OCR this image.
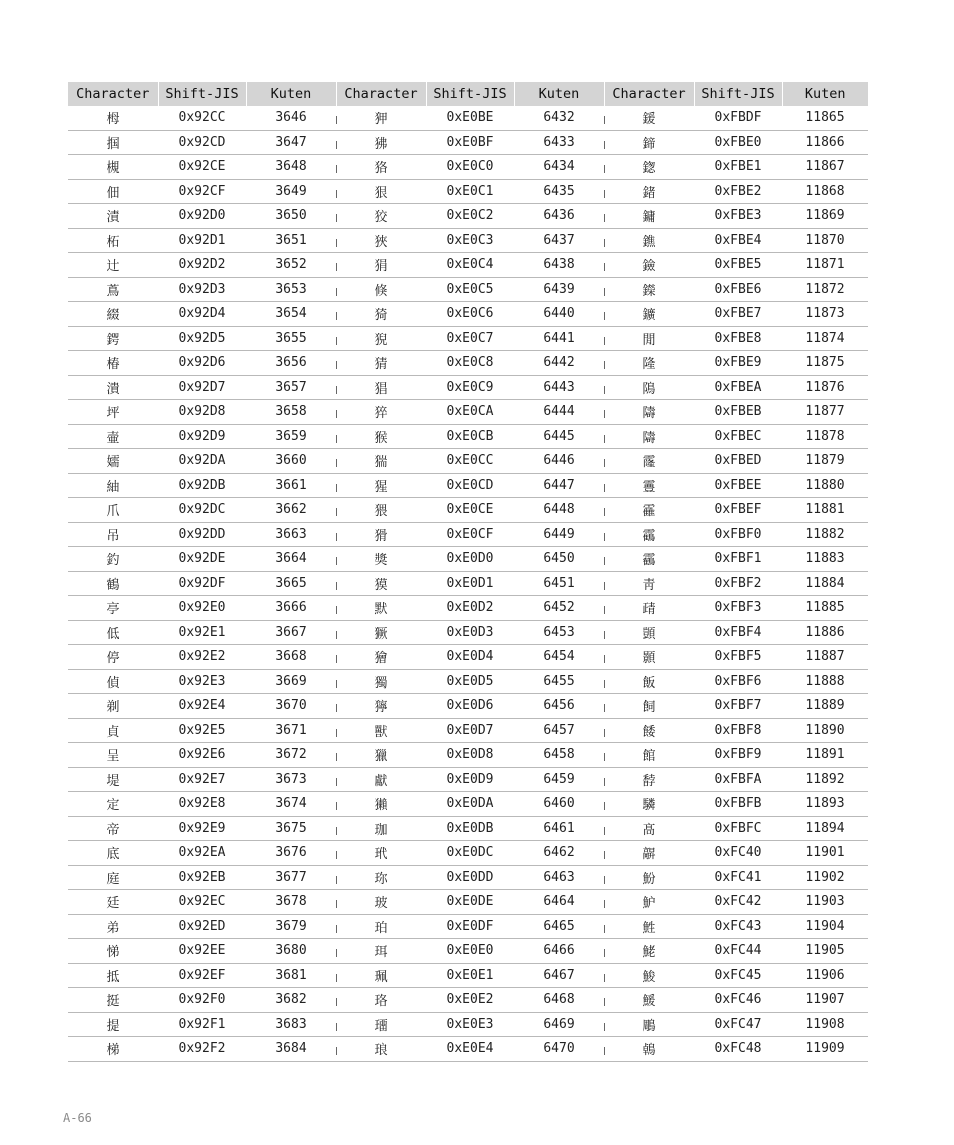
Character	Shift-JIS	Kuten	Character	Shift-JIS	Kuten	Character	Shift-JIS	Kuten
栂	0x92CC	3646	狎	0xE0BE	6432	鍰	0xFBDF	11865
掴	0x92CD	3647	狒	0xE0BF	6433	鍗	0xFBE0	11866
槻	0x92CE	3648	狢	0xE0C0	6434	鍯	0xFBE1	11867
佃	0x92CF	3649	狠	0xE0C1	6435	鍺	0xFBE2	11868
漬	0x92D0	3650	狡	0xE0C2	6436	鏞	0xFBE3	11869
柘	0x92D1	3651	狹	0xE0C3	6437	鐎	0xFBE4	11870
辻	0x92D2	3652	狷	0xE0C4	6438	鐱	0xFBE5	11871
蔦	0x92D3	3653	倏	0xE0C5	6439	鑅	0xFBE6	11872
綴	0x92D4	3654	猗	0xE0C6	6440	鑛	0xFBE7	11873
鍔	0x92D5	3655	猊	0xE0C7	6441	閒	0xFBE8	11874
椿	0x92D6	3656	猜	0xE0C8	6442	隆	0xFBE9	11875
潰	0x92D7	3657	猖	0xE0C9	6443	隝	0xFBEA	11876
坪	0x92D8	3658	猝	0xE0CA	6444	隯	0xFBEB	11877
壷	0x92D9	3659	猴	0xE0CB	6445	隯	0xFBEC	11878
嬬	0x92DA	3660	猯	0xE0CC	6446	霳	0xFBED	11879
紬	0x92DB	3661	猩	0xE0CD	6447	霻	0xFBEE	11880
爪	0x92DC	3662	猥	0xE0CE	6448	靃	0xFBEF	11881
吊	0x92DD	3663	猾	0xE0CF	6449	靍	0xFBF0	11882
釣	0x92DE	3664	獎	0xE0D0	6450	靏	0xFBF1	11883
鶴	0x92DF	3665	獏	0xE0D1	6451	靑	0xFBF2	11884
亭	0x92E0	3666	默	0xE0D2	6452	靕	0xFBF3	11885
低	0x92E1	3667	獗	0xE0D3	6453	顗	0xFBF4	11886
停	0x92E2	3668	獪	0xE0D4	6454	顥	0xFBF5	11887
偵	0x92E3	3669	獨	0xE0D5	6455	飯	0xFBF6	11888
剃	0x92E4	3670	獰	0xE0D6	6456	飼	0xFBF7	11889
貞	0x92E5	3671	獸	0xE0D7	6457	餧	0xFBF8	11890
呈	0x92E6	3672	獵	0xE0D8	6458	館	0xFBF9	11891
堤	0x92E7	3673	獻	0xE0D9	6459	馞	0xFBFA	11892
定	0x92E8	3674	獺	0xE0DA	6460	驎	0xFBFB	11893
帝	0x92E9	3675	珈	0xE0DB	6461	髙	0xFBFC	11894
底	0x92EA	3676	玳	0xE0DC	6462	髜	0xFC40	11901
庭	0x92EB	3677	珎	0xE0DD	6463	魵	0xFC41	11902
廷	0x92EC	3678	玻	0xE0DE	6464	魲	0xFC42	11903
弟	0x92ED	3679	珀	0xE0DF	6465	鮏	0xFC43	11904
悌	0x92EE	3680	珥	0xE0E0	6466	鮱	0xFC44	11905
抵	0x92EF	3681	珮	0xE0E1	6467	鮻	0xFC45	11906
挺	0x92F0	3682	珞	0xE0E2	6468	鰀	0xFC46	11907
提	0x92F1	3683	璢	0xE0E3	6469	鵰	0xFC47	11908
梯	0x92F2	3684	琅	0xE0E4	6470	鵫	0xFC48	11909
A-66
